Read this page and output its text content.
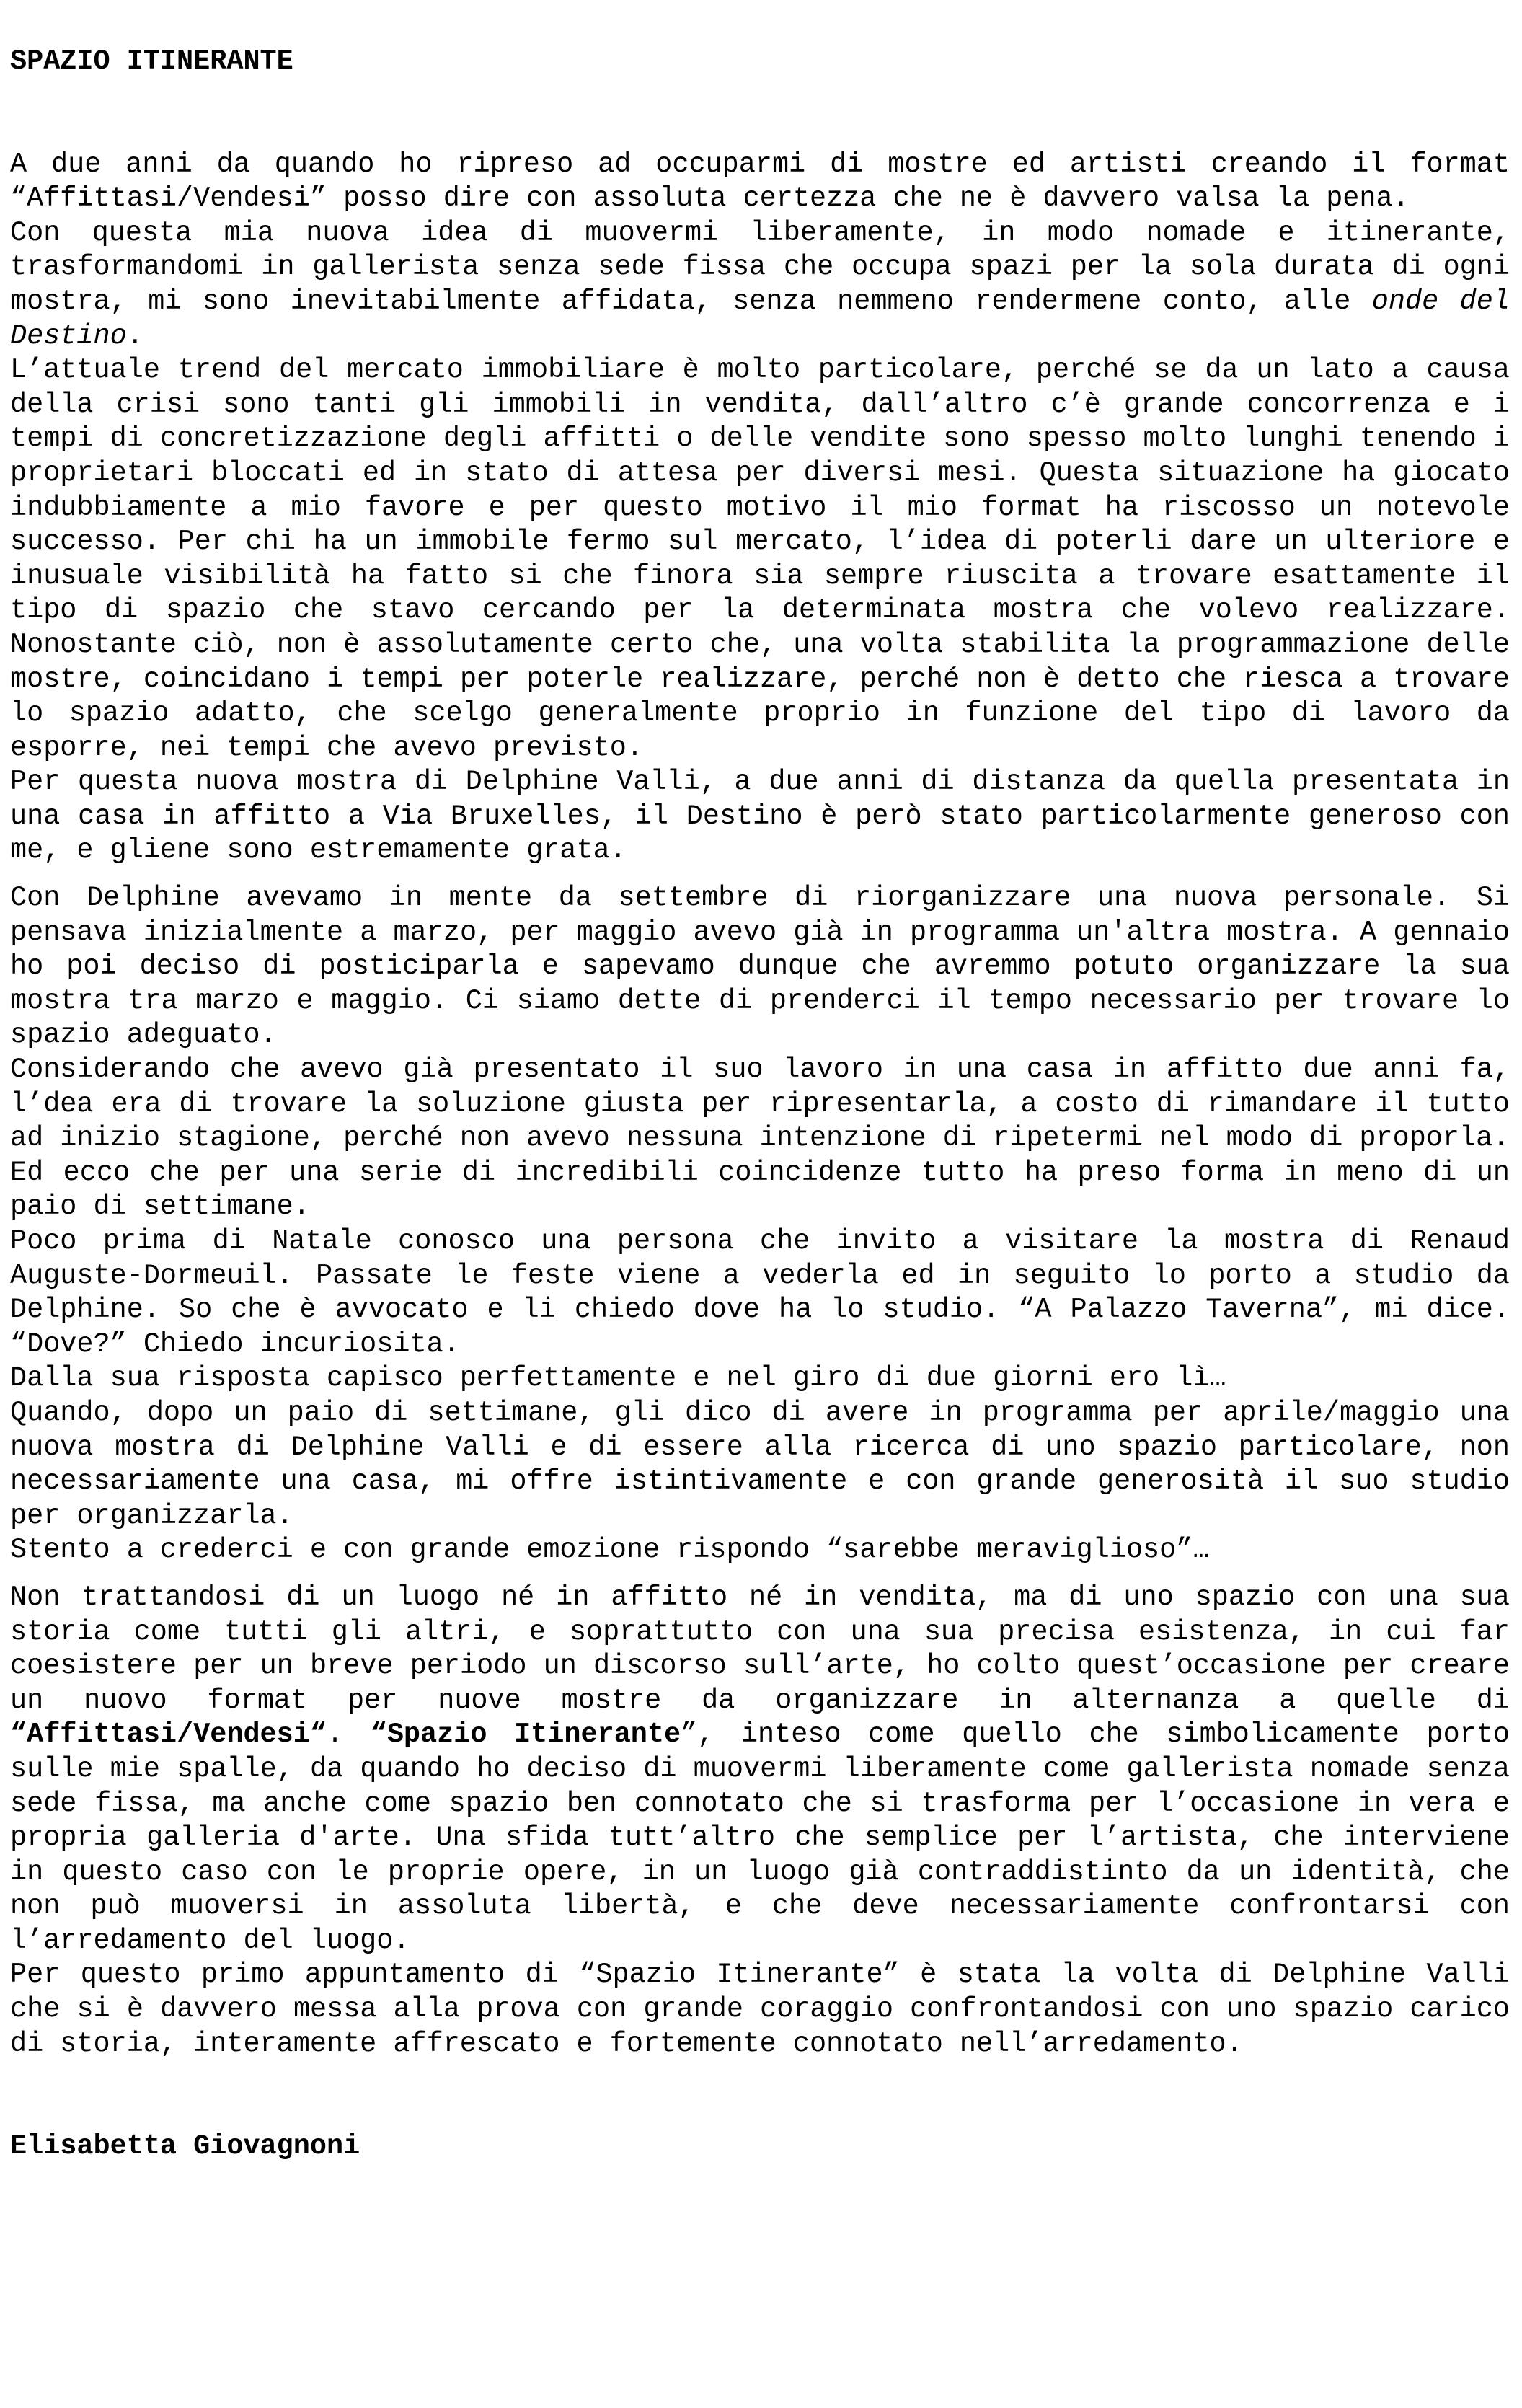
SPAZIO ITINERANTE

A due anni da quando ho ripreso ad occuparmi di mostre ed artisti creando il format “Affittasi/Vendesi” posso dire con assoluta certezza che ne è davvero valsa la pena.

Con questa mia nuova idea di muovermi liberamente, in modo nomade e itinerante, trasformandomi in gallerista senza sede fissa che occupa spazi per la sola durata di ogni mostra, mi sono inevitabilmente affidata, senza nemmeno rendermene conto, alle onde del Destino.

L’attuale trend del mercato immobiliare è molto particolare, perché se da un lato a causa della crisi sono tanti gli immobili in vendita, dall’altro c’è grande concorrenza e i tempi di concretizzazione degli affitti o delle vendite sono spesso molto lunghi tenendo i proprietari bloccati ed in stato di attesa per diversi mesi. Questa situazione ha giocato indubbiamente a mio favore e per questo motivo il mio format ha riscosso un notevole successo. Per chi ha un immobile fermo sul mercato, l’idea di poterli dare un ulteriore e inusuale visibilità ha fatto si che finora sia sempre riuscita a trovare esattamente il tipo di spazio che stavo cercando per la determinata mostra che volevo realizzare. Nonostante ciò, non è assolutamente certo che, una volta stabilita la programmazione delle mostre, coincidano i tempi per poterle realizzare, perché non è detto che riesca a trovare lo spazio adatto, che scelgo generalmente proprio in funzione del tipo di lavoro da esporre, nei tempi che avevo previsto.

Per questa nuova mostra di Delphine Valli, a due anni di distanza da quella presentata in una casa in affitto a Via Bruxelles, il Destino è però stato particolarmente generoso con me, e gliene sono estremamente grata.

Con Delphine avevamo in mente da settembre di riorganizzare una nuova personale. Si pensava inizialmente a marzo, per maggio avevo già in programma un'altra mostra. A gennaio ho poi deciso di posticiparla e sapevamo dunque che avremmo potuto organizzare la sua mostra tra marzo e maggio. Ci siamo dette di prenderci il tempo necessario per trovare lo spazio adeguato.

Considerando che avevo già presentato il suo lavoro in una casa in affitto due anni fa, l’dea era di trovare la soluzione giusta per ripresentarla, a costo di rimandare il tutto ad inizio stagione, perché non avevo nessuna intenzione di ripetermi nel modo di proporla.

Ed ecco che per una serie di incredibili coincidenze tutto ha preso forma in meno di un paio di settimane.

Poco prima di Natale conosco una persona che invito a visitare la mostra di Renaud Auguste-Dormeuil. Passate le feste viene a vederla ed in seguito lo porto a studio da Delphine. So che è avvocato e li chiedo dove ha lo studio. “A Palazzo Taverna”, mi dice. “Dove?” Chiedo incuriosita.

Dalla sua risposta capisco perfettamente e nel giro di due giorni ero lì…

Quando, dopo un paio di settimane, gli dico di avere in programma per aprile/maggio una nuova mostra di Delphine Valli e di essere alla ricerca di uno spazio particolare, non necessariamente una casa, mi offre istintivamente e con grande generosità il suo studio per organizzarla.

Stento a crederci e con grande emozione rispondo “sarebbe meraviglioso”…

Non trattandosi di un luogo né in affitto né in vendita, ma di uno spazio con una sua storia come tutti gli altri, e soprattutto con una sua precisa esistenza, in cui far coesistere per un breve periodo un discorso sull’arte, ho colto quest’occasione per creare un nuovo format per nuove mostre da organizzare in alternanza a quelle di “Affittasi/Vendesi“. “Spazio Itinerante”, inteso come quello che simbolicamente porto sulle mie spalle, da quando ho deciso di muovermi liberamente come gallerista nomade senza sede fissa, ma anche come spazio ben connotato che si trasforma per l’occasione in vera e propria galleria d'arte. Una sfida tutt’altro che semplice per l’artista, che interviene in questo caso con le proprie opere, in un luogo già contraddistinto da un identità, che non può muoversi in assoluta libertà, e che deve necessariamente confrontarsi con l’arredamento del luogo.

Per questo primo appuntamento di “Spazio Itinerante” è stata la volta di Delphine Valli che si è davvero messa alla prova con grande coraggio confrontandosi con uno spazio carico di storia, interamente affrescato e fortemente connotato nell’arredamento.

Elisabetta Giovagnoni
